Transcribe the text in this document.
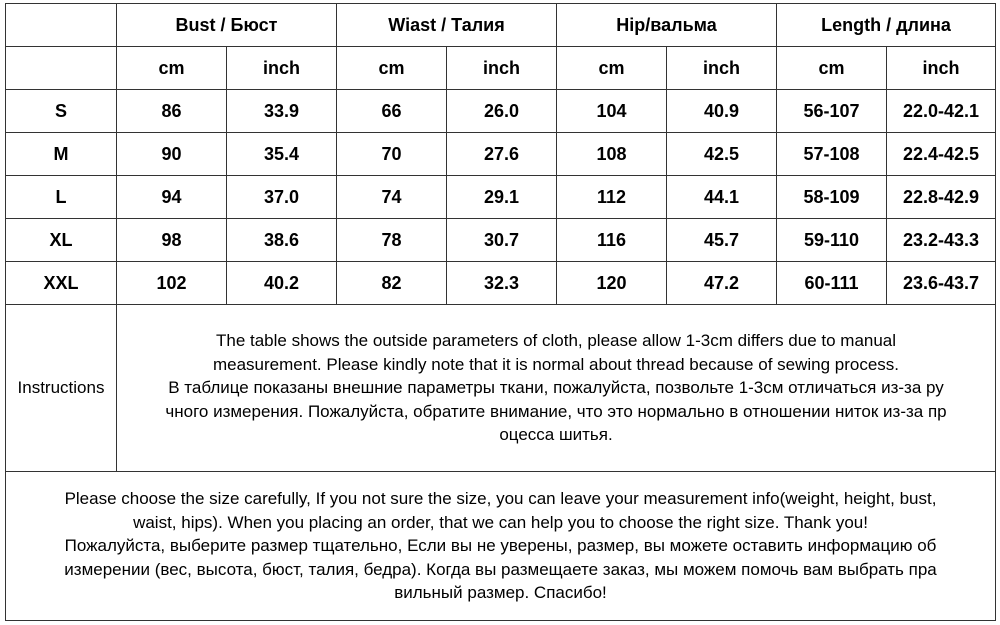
	Bust / Бюст		Wiast / Талия		Hip/вальма		Length / длина	
	cm	inch	cm	inch	cm	inch	cm	inch
S	86	33.9	66	26.0	104	40.9	56-107	22.0-42.1
M	90	35.4	70	27.6	108	42.5	57-108	22.4-42.5
L	94	37.0	74	29.1	112	44.1	58-109	22.8-42.9
XL	98	38.6	78	30.7	116	45.7	59-110	23.2-43.3
XXL	102	40.2	82	32.3	120	47.2	60-111	23.6-43.7
Instructions	The table shows the outside parameters of cloth, please allow 1-3cm differs due to manual
measurement. Please kindly note that it is normal about thread because of sewing process.
В таблице показаны внешние параметры ткани, пожалуйста, позвольте 1-3см отличаться из-за ру
чного измерения. Пожалуйста, обратите внимание, что это нормально в отношении ниток из-за пр
оцесса шитья.							

Please choose the size carefully, If you not sure the size, you can leave your measurement info(weight, height, bust,
waist, hips). When you placing an order, that we can help you to choose the right size. Thank you!
Пожалуйста, выберите размер тщательно, Если вы не уверены, размер, вы можете оставить информацию об
измерении (вес, высота, бюст, талия, бедра). Когда вы размещаете заказ, мы можем помочь вам выбрать пра
вильный размер. Спасибо!								
